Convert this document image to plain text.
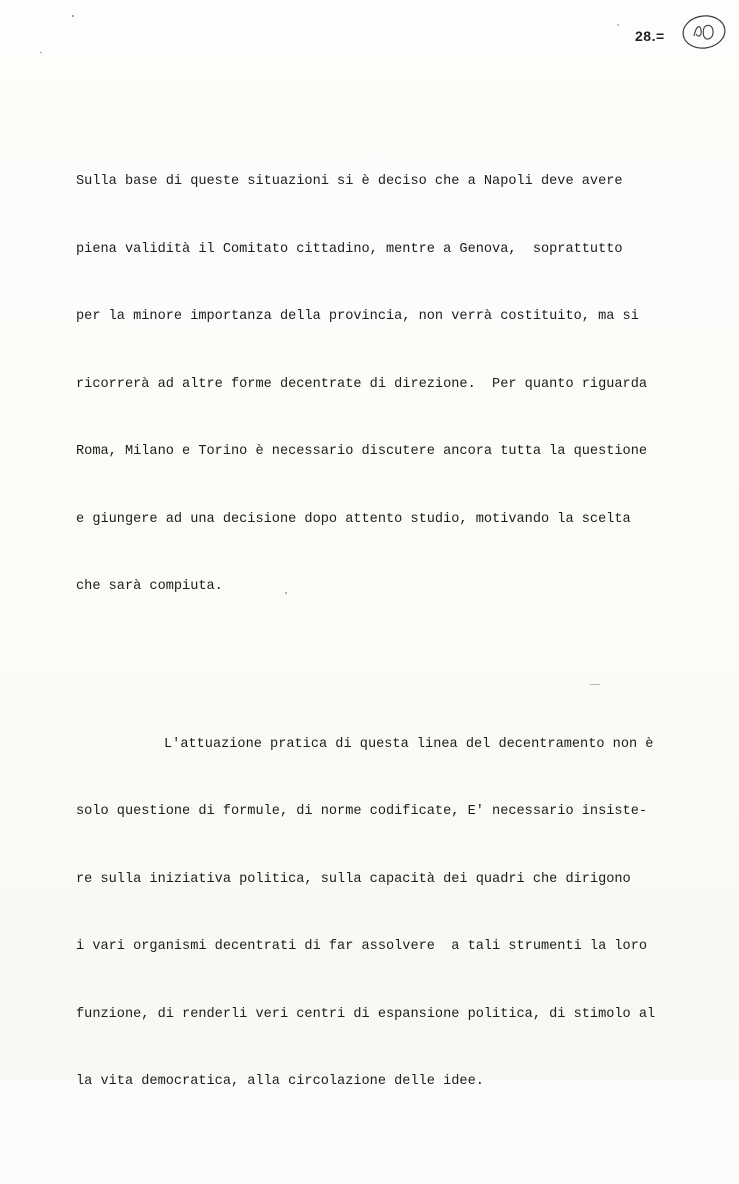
28.=

Sulla base di queste situazioni si è deciso che a Napoli deve avere

piena validità il Comitato cittadino, mentre a Genova,  soprattutto

per la minore importanza della provincia, non verrà costituito, ma si

ricorrerà ad altre forme decentrate di direzione.  Per quanto riguarda

Roma, Milano e Torino è necessario discutere ancora tutta la questione

e giungere ad una decisione dopo attento studio, motivando la scelta

che sarà compiuta.

L'attuazione pratica di questa linea del decentramento non è

solo questione di formule, di norme codificate, E' necessario insiste-

re sulla iniziativa politica, sulla capacità dei quadri che dirigono

i vari organismi decentrati di far assolvere  a tali strumenti la loro

funzione, di renderli veri centri di espansione politica, di stimolo al

la vita democratica, alla circolazione delle idee.
